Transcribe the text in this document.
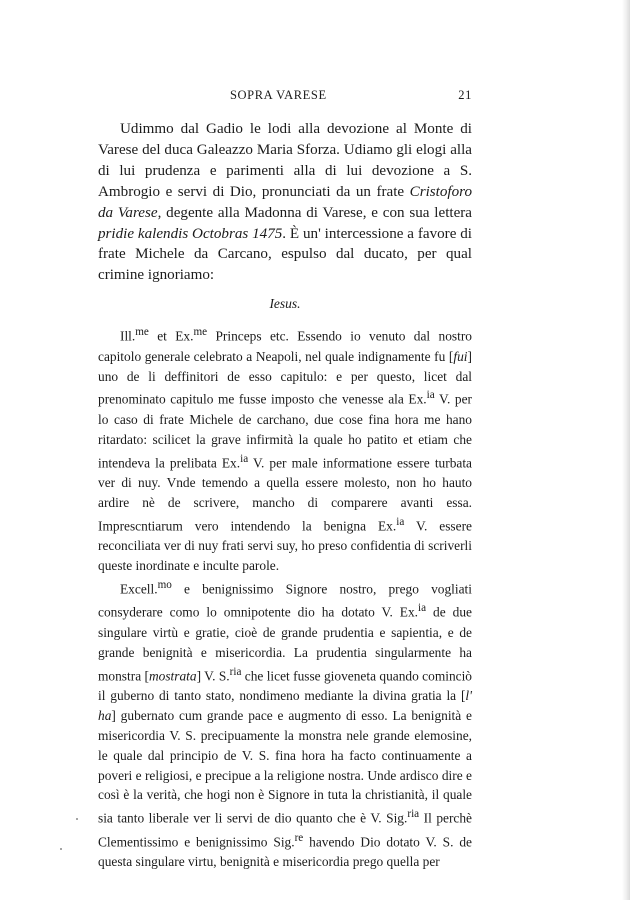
SOPRA VARESE	21

Udimmo dal Gadio le lodi alla devozione al Monte di Varese del duca Galeazzo Maria Sforza. Udiamo gli elogi alla di lui prudenza e parimenti alla di lui devozione a S. Ambrogio e servi di Dio, pronunciati da un frate Cristoforo da Varese, degente alla Madonna di Varese, e con sua lettera pridie kalendis Octobras 1475. È un' intercessione a favore di frate Michele da Carcano, espulso dal ducato, per qual crimine ignoriamo:

Iesus.

Ill.$^{me}$ et Ex.$^{me}$ Princeps etc. Essendo io venuto dal nostro capitolo generale celebrato a Neapoli, nel quale indignamente fu [fui] uno de li deffinitori de esso capitulo: e per questo, licet dal prenominato capitulo me fusse imposto che venesse ala Ex.$^{ia}$ V. per lo caso di frate Michele de carchano, due cose fina hora me hano ritardato: scilicet la grave infirmità la quale ho patito et etiam che intendeva la prelibata Ex.$^{ia}$ V. per male informatione essere turbata ver di nuy. Vnde temendo a quella essere molesto, non ho hauto ardire nè de scrivere, mancho di comparere avanti essa. Imprescntiarum vero intendendo la benigna Ex.$^{ia}$ V. essere reconciliata ver di nuy frati servi suy, ho preso confidentia di scriverli queste inordinate e inculte parole.

Excell.$^{mo}$ e benignissimo Signore nostro, prego vogliati consyderare como lo omnipotente dio ha dotato V. Ex.$^{ia}$ de due singulare virtù e gratie, cioè de grande prudentia e sapientia, e de grande benignità e misericordia. La prudentia singularmente ha monstra [mostrata] V. S.$^{ria}$ che licet fusse gioveneta quando cominciò il guberno di tanto stato, nondimeno mediante la divina gratia la [l' ha] gubernato cum grande pace e augmento di esso. La benignità e misericordia V. S. precipuamente la monstra nele grande elemosine, le quale dal principio de V. S. fina hora ha facto continuamente a poveri e religiosi, e precipue a la religione nostra. Unde ardisco dire e così è la verità, che hogi non è Signore in tuta la christianità, il quale sia tanto liberale ver li servi de dio quanto che è V. Sig.$^{ria}$ Il perchè Clementissimo e benignissimo Sig.$^{re}$ havendo Dio dotato V. S. de questa singulare virtu, benignità e misericordia prego quella per
